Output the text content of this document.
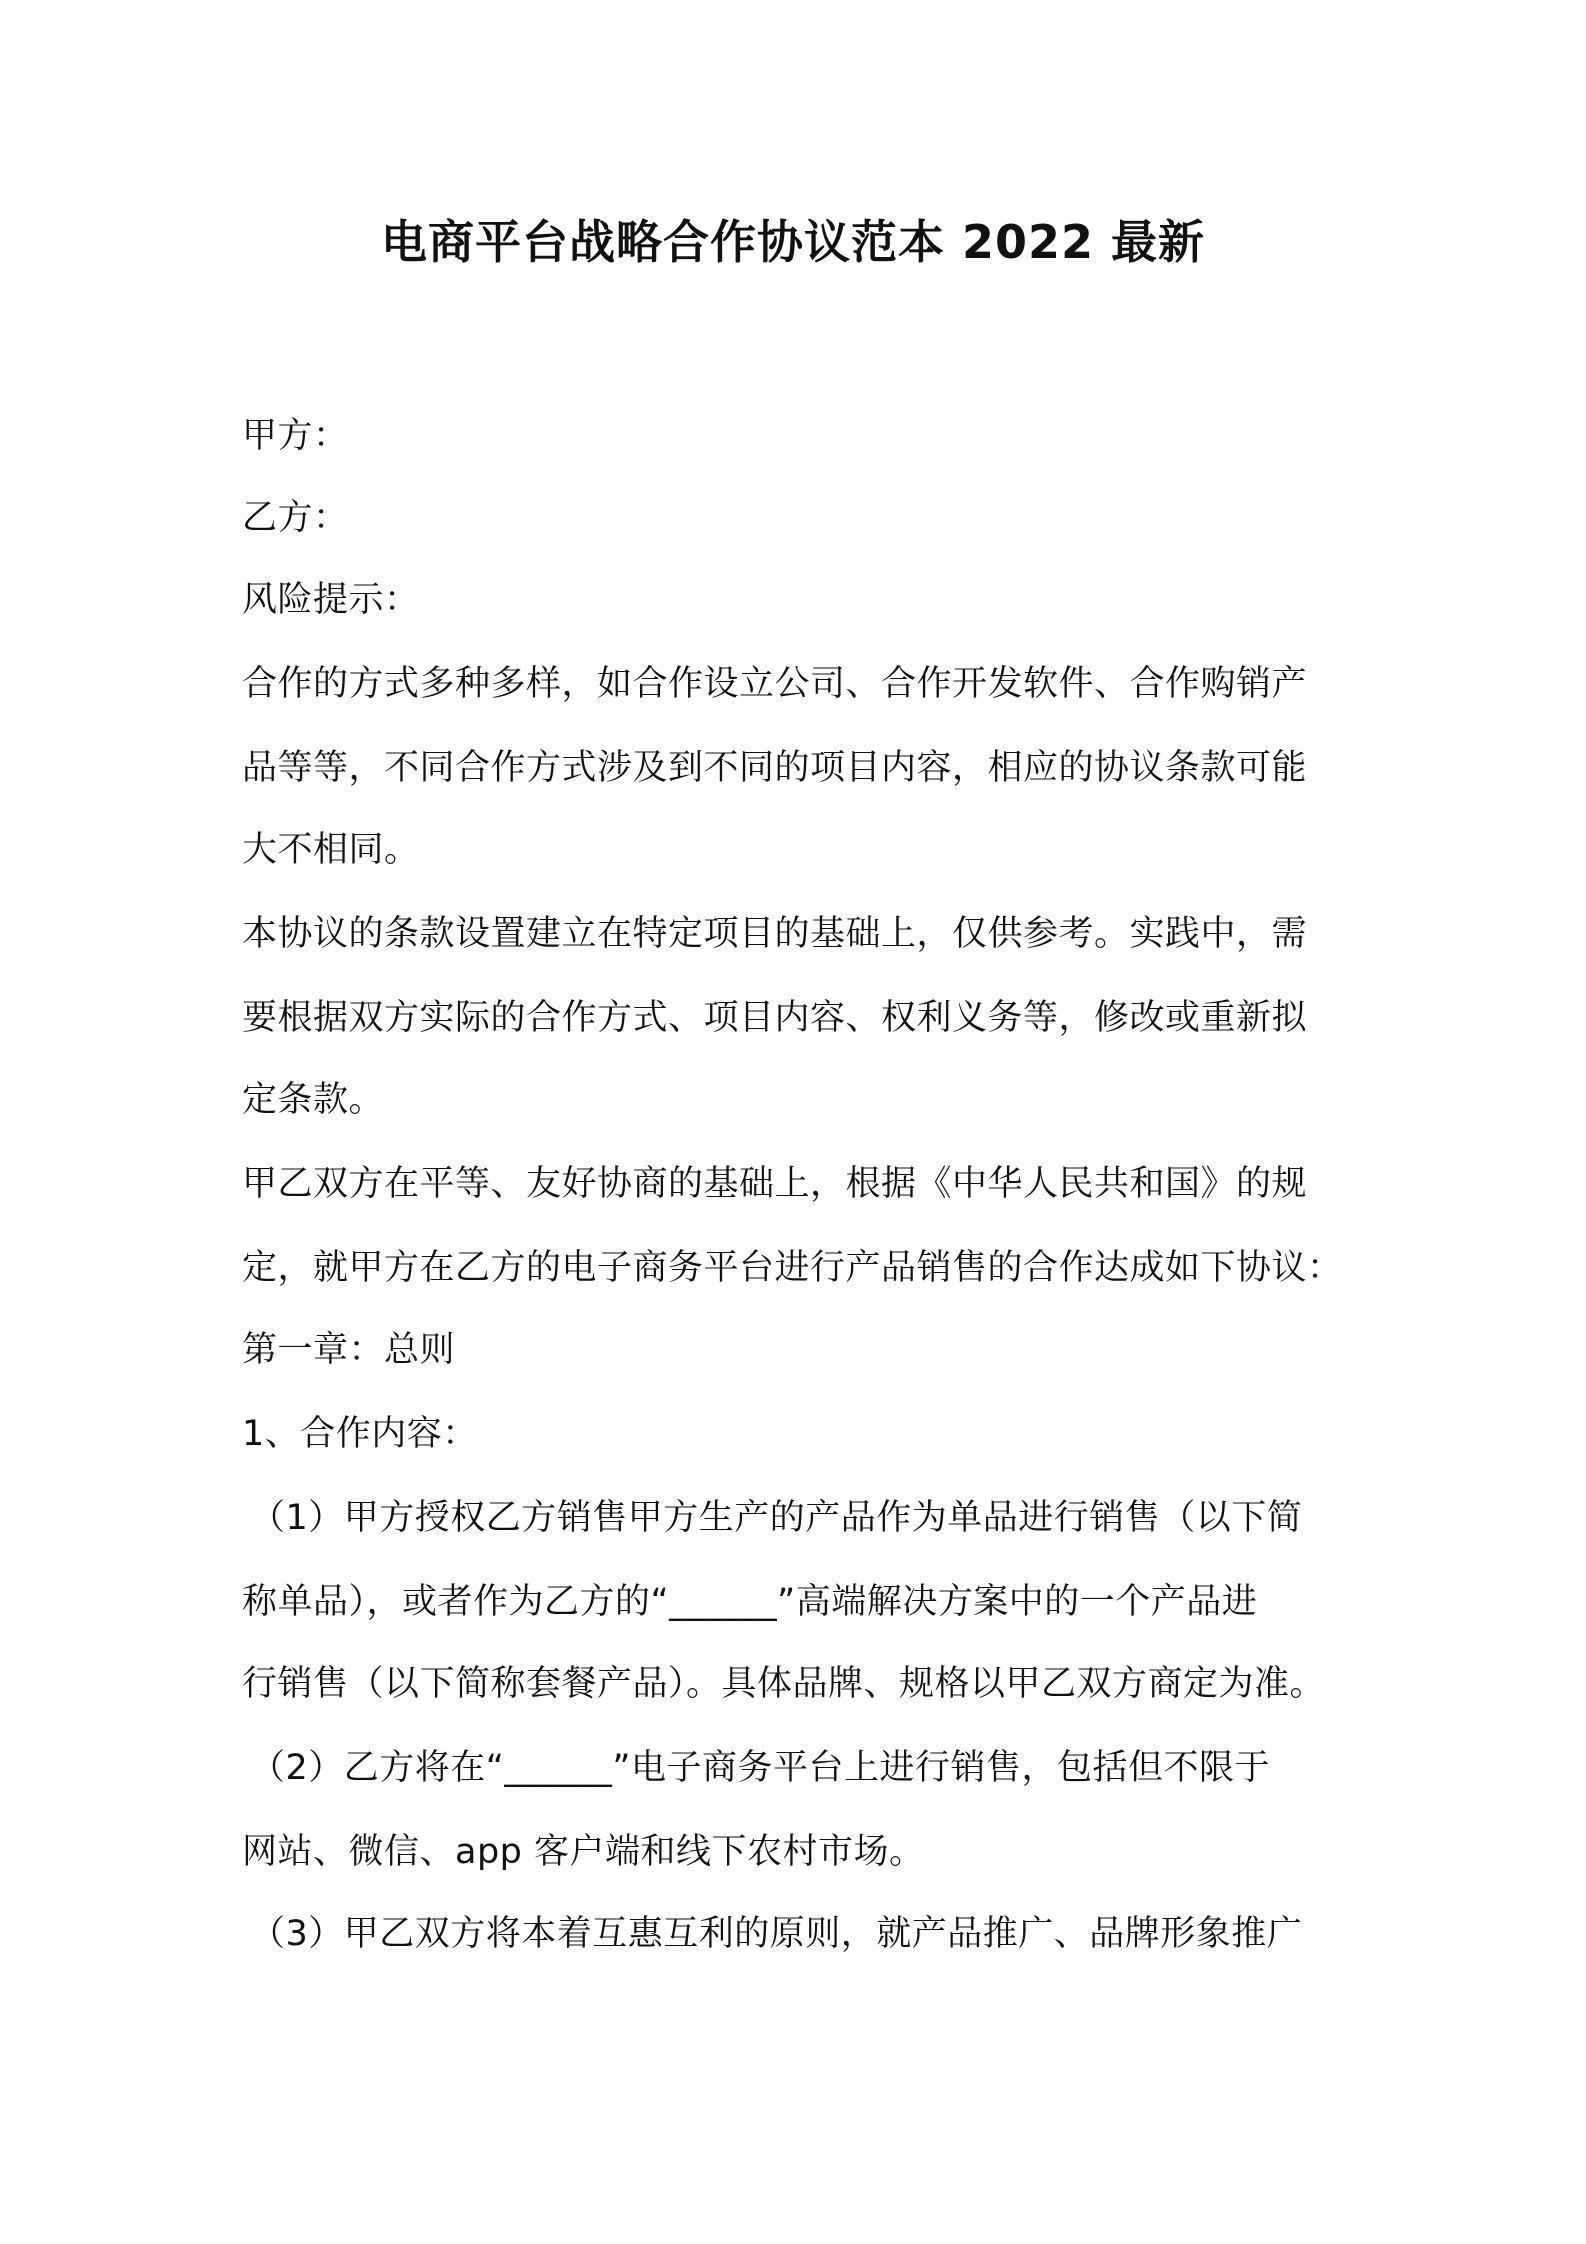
电商平台战略合作协议范本 2022 最新
甲方：
乙方：
风险提示：
合作的方式多种多样，如合作设立公司、合作开发软件、合作购销产
品等等，不同合作方式涉及到不同的项目内容，相应的协议条款可能
大不相同。
本协议的条款设置建立在特定项目的基础上，仅供参考。实践中，需
要根据双方实际的合作方式、项目内容、权利义务等，修改或重新拟
定条款。
甲乙双方在平等、友好协商的基础上，根据《中华人民共和国》的规
定，就甲方在乙方的电子商务平台进行产品销售的合作达成如下协议：
第一章：总则
1、合作内容：
（1）甲方授权乙方销售甲方生产的产品作为单品进行销售（以下简
称单品），或者作为乙方的“______”高端解决方案中的一个产品进
行销售（以下简称套餐产品）。具体品牌、规格以甲乙双方商定为准。
（2）乙方将在“______”电子商务平台上进行销售，包括但不限于
网站、微信、app 客户端和线下农村市场。
（3）甲乙双方将本着互惠互利的原则，就产品推广、品牌形象推广
